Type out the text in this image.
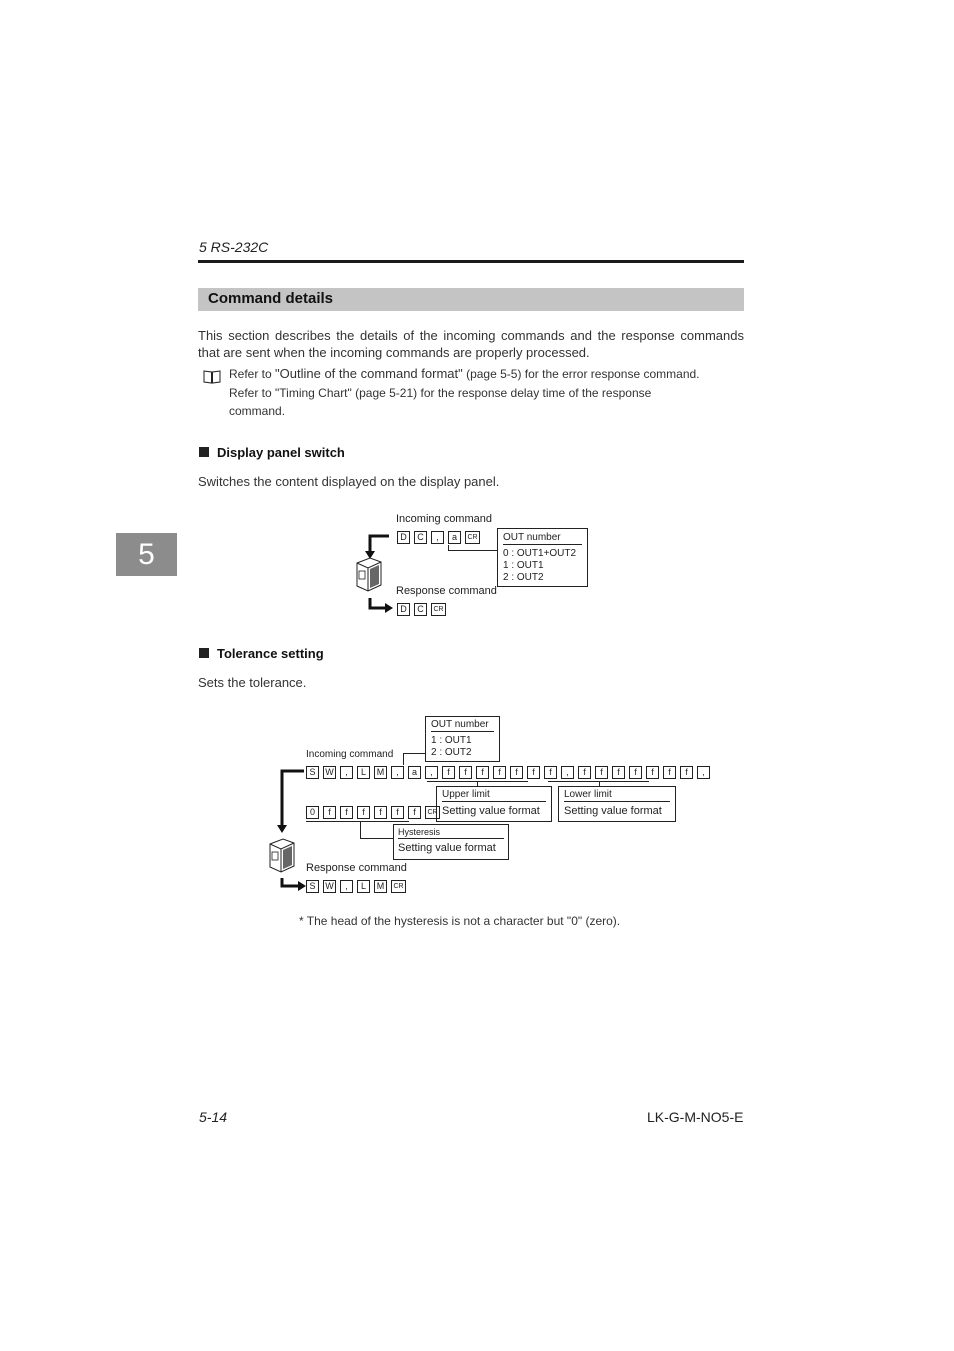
5 RS-232C
Command details
This section describes the details of the incoming commands and the response commands that are sent when the incoming commands are properly processed.
Refer to "Outline of the command format" (page 5-5) for the error response command.
Refer to "Timing Chart" (page 5-21) for the response delay time of the response command.
5
Display panel switch
Switches the content displayed on the display panel.
Incoming command
D	C	,	a	CR	OUT number
0 : OUT1+OUT2
1 : OUT1
2 : OUT2
Response command
D	C	CR
Tolerance setting
Sets the tolerance.
OUT number
1 : OUT1
2 : OUT2
Incoming command
S	W	,	L	M	,	a	,	f	f	f	f	f	f	f	,	f	f	f	f	f	f	f	,
Upper limit
Setting value format
Lower limit
Setting value format
0	f	f	f	f	f	f	CR
Hysteresis
Setting value format
Response command
S	W	,	L	M	CR
* The head of the hysteresis is not a character but "0" (zero).
5-14	LK-G-M-NO5-E
